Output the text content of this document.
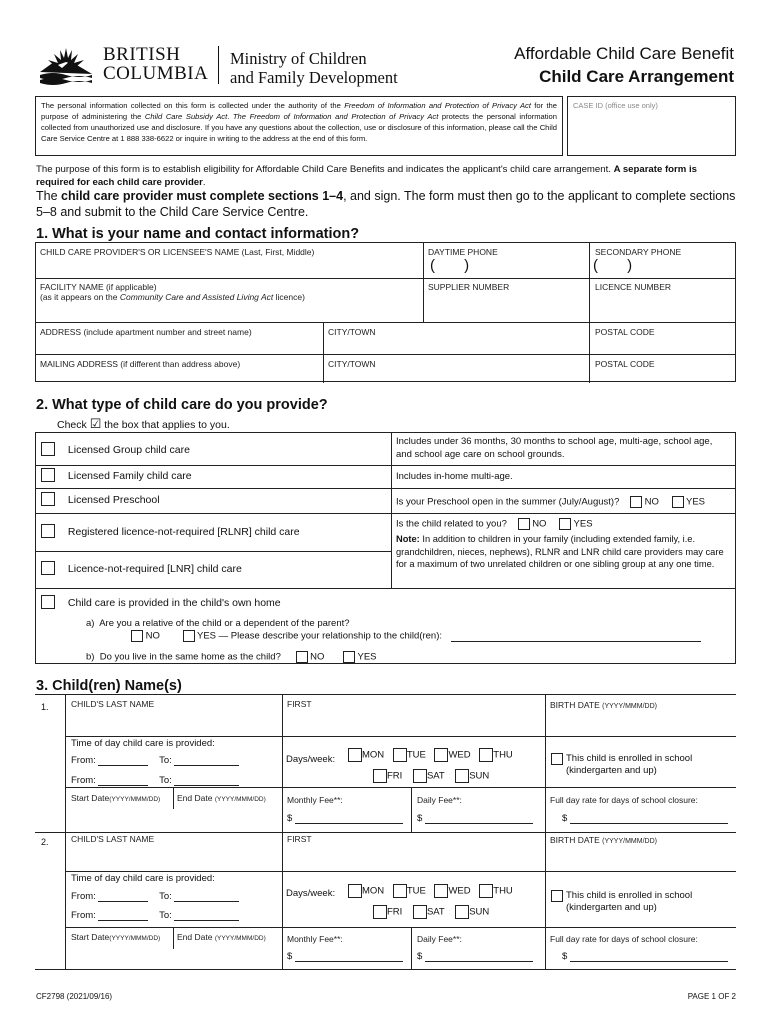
BRITISH
COLUMBIA
Ministry of Children
and Family Development
Affordable Child Care Benefit
Child Care Arrangement
The personal information collected on this form is collected under the authority of the Freedom of Information and Protection of Privacy Act for the purpose of administering the Child Care Subsidy Act. The Freedom of Information and Protection of Privacy Act protects the personal information collected from unauthorized use and disclosure. If you have any questions about the collection, use or disclosure of this information, please call the Child Care Service Centre at 1 888 338-6622 or inquire in writing to the address at the end of this form.
CASE ID (office use only)
The purpose of this form is to establish eligibility for Affordable Child Care Benefits and indicates the applicant's child care arrangement. A separate form is required for each child care provider.
The child care provider must complete sections 1–4, and sign. The form must then go to the applicant to complete sections 5–8 and submit to the Child Care Service Centre.
1. What is your name and contact information?
CHILD CARE PROVIDER'S OR LICENSEE'S NAME (Last, First, Middle)	DAYTIME PHONE
(       )
SECONDARY PHONE
(       )
FACILITY NAME (if applicable)
(as it appears on the Community Care and Assisted Living Act licence)
SUPPLIER NUMBER	LICENCE NUMBER
ADDRESS (include apartment number and street name)	CITY/TOWN	POSTAL CODE
MAILING ADDRESS (if different than address above)	CITY/TOWN	POSTAL CODE
2. What type of child care do you provide?
Check ☑ the box that applies to you.
Licensed Group child care
Includes under 36 months, 30 months to school age, multi-age, school age, and school age care on school grounds.
Licensed Family child care	Includes in-home multi-age.
Licensed Preschool	Is your Preschool open in the summer (July/August)?	NO	YES
Registered licence-not-required [RLNR] child care
Is the child related to you?	NO	YES
Note: In addition to children in your family (including extended family, i.e. grandchildren, nieces, nephews), RLNR and LNR child care providers may care for a maximum of two unrelated children or one sibling group at any one time.
Licence-not-required [LNR] child care
Child care is provided in the child's own home
a)  Are you a relative of the child or a dependent of the parent?
NO	YES — Please describe your relationship to the child(ren):
b)  Do you live in the same home as the child?	NO	YES
3. Child(ren) Name(s)
1.	CHILD'S LAST NAME	FIRST	BIRTH DATE (YYYY/MMM/DD)
Time of day child care is provided:
From:	To:
From:	To:
Days/week:	MON TUE WED THU
FRI	SAT	SUN
This child is enrolled in school (kindergarten and up)
Start Date(YYYY/MMM/DD) End Date (YYYY/MMM/DD)	Monthly Fee**:
$
Daily Fee**:
$
Full day rate for days of school closure:
$
2.	CHILD'S LAST NAME	FIRST	BIRTH DATE (YYYY/MMM/DD)
Time of day child care is provided:
From:	To:
From:	To:
Days/week:	MON TUE WED THU
FRI	SAT	SUN
This child is enrolled in school (kindergarten and up)
Start Date(YYYY/MMM/DD) End Date (YYYY/MMM/DD)	Monthly Fee**:
$
Daily Fee**:
$
Full day rate for days of school closure:
$
CF2798 (2021/09/16)	PAGE 1 OF 2
